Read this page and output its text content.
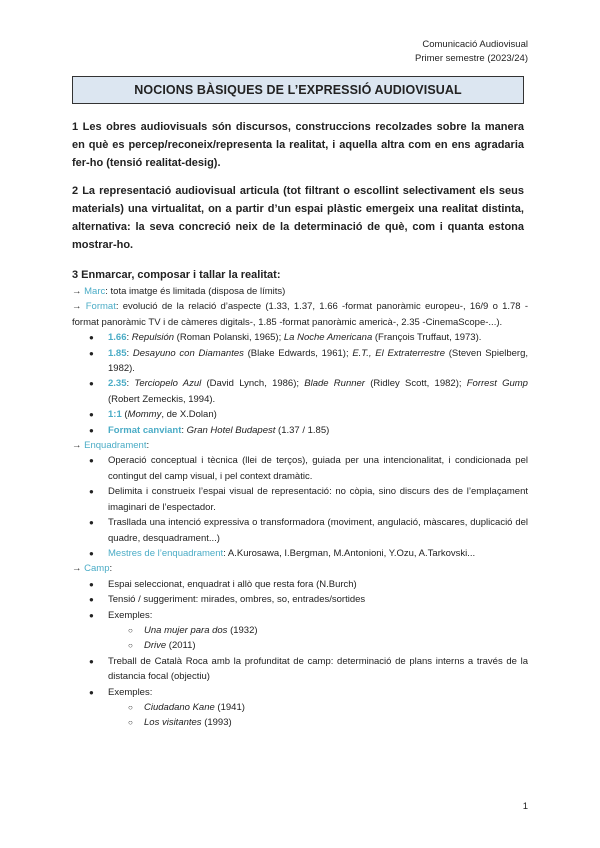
Comunicació Audiovisual
Primer semestre (2023/24)
NOCIONS BÀSIQUES DE L’EXPRESSIÓ AUDIOVISUAL

1 Les obres audiovisuals són discursos, construccions recolzades sobre la manera en què es percep/reconeix/representa la realitat, i aquella altra com en ens agradaria fer-ho (tensió realitat-desig).

2 La representació audiovisual articula (tot filtrant o escollint selectivament els seus materials) una virtualitat, on a partir d’un espai plàstic emergeix una realitat distinta, alternativa: la seva concreció neix de la determinació de què, com i quanta estona mostrar-ho.

3 Enmarcar, composar i tallar la realitat:

→ Marc: tota imatge és limitada (disposa de límits)

→ Format: evolució de la relació d’aspecte (1.33, 1.37, 1.66 -format panoràmic europeu-, 16/9 o 1.78 -format panoràmic TV i de càmeres digitals-, 1.85 -format panoràmic americà-, 2.35 -CinemaScope-...).

● 1.66: Repulsión (Roman Polanski, 1965); La Noche Americana (François Truffaut, 1973).
● 1.85: Desayuno con Diamantes (Blake Edwards, 1961); E.T., El Extraterrestre (Steven Spielberg, 1982).
● 2.35: Terciopelo Azul (David Lynch, 1986); Blade Runner (Ridley Scott, 1982); Forrest Gump (Robert Zemeckis, 1994).
● 1:1 (Mommy, de X.Dolan)
● Format canviant: Gran Hotel Budapest (1.37 / 1.85)

→ Enquadrament:

● Operació conceptual i tècnica (llei de terços), guiada per una intencionalitat, i condicionada pel contingut del camp visual, i pel context dramàtic.
● Delimita i construeix l’espai visual de representació: no còpia, sino discurs des de l’emplaçament imaginari de l’espectador.
● Trasllada una intenció expressiva o transformadora (moviment, angulació, màscares, duplicació del quadre, desquadrament...)
● Mestres de l’enquadrament: A.Kurosawa, I.Bergman, M.Antonioni, Y.Ozu, A.Tarkovski...

→ Camp:

● Espai seleccionat, enquadrat i allò que resta fora (N.Burch)
● Tensió / suggeriment: mirades, ombres, so, entrades/sortides
● Exemples:
○ Una mujer para dos (1932)
○ Drive (2011)
● Treball de Català Roca amb la profunditat de camp: determinació de plans interns a través de la distancia focal (objectiu)
● Exemples:
○ Ciudadano Kane (1941)
○ Los visitantes (1993)
1
